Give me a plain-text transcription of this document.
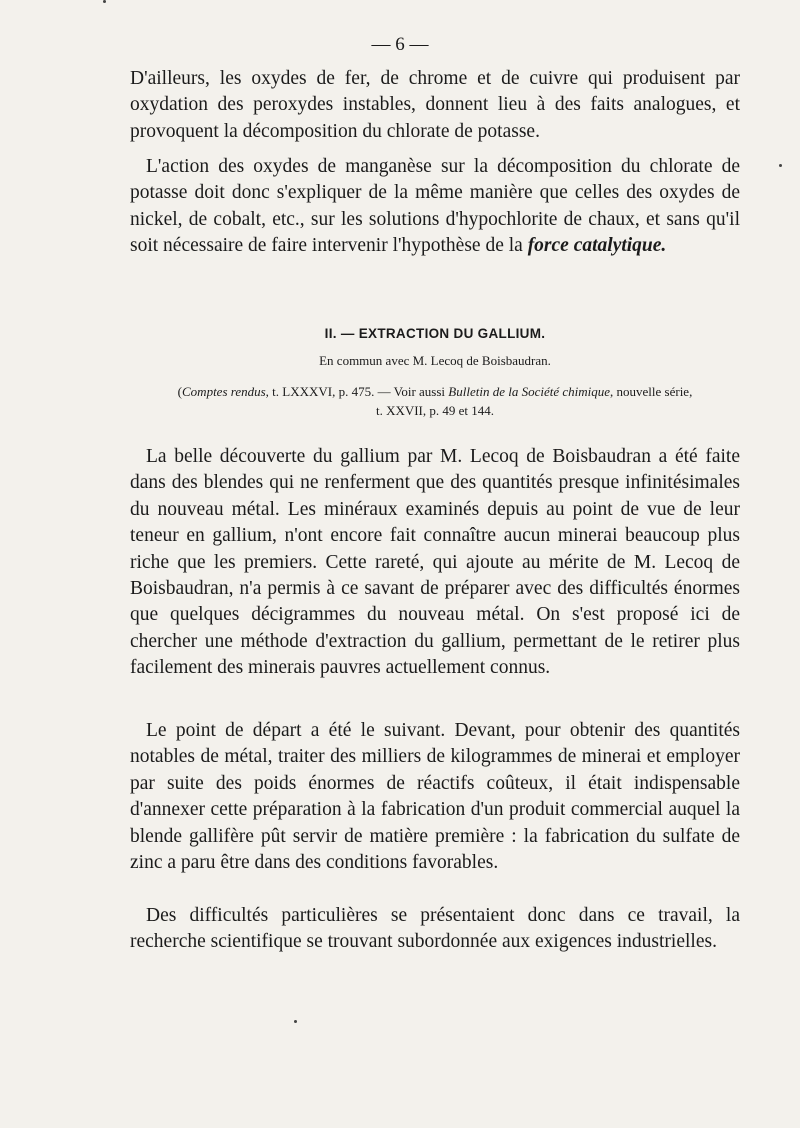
— 6 —

D'ailleurs, les oxydes de fer, de chrome et de cuivre qui produisent par oxydation des peroxydes instables, donnent lieu à des faits analogues, et provoquent la décomposition du chlorate de potasse.

L'action des oxydes de manganèse sur la décomposition du chlorate de potasse doit donc s'expliquer de la même manière que celles des oxydes de nickel, de cobalt, etc., sur les solutions d'hypochlorite de chaux, et sans qu'il soit nécessaire de faire intervenir l'hypothèse de la force catalytique.

II. — EXTRACTION DU GALLIUM.
En commun avec M. Lecoq de Boisbaudran.
(Comptes rendus, t. LXXXVI, p. 475. — Voir aussi Bulletin de la Société chimique, nouvelle série,
t. XXVII, p. 49 et 144.

La belle découverte du gallium par M. Lecoq de Boisbaudran a été faite dans des blendes qui ne renferment que des quantités presque infinitésimales du nouveau métal. Les minéraux examinés depuis au point de vue de leur teneur en gallium, n'ont encore fait connaître aucun minerai beaucoup plus riche que les premiers. Cette rareté, qui ajoute au mérite de M. Lecoq de Boisbaudran, n'a permis à ce savant de préparer avec des difficultés énormes que quelques décigrammes du nouveau métal. On s'est proposé ici de chercher une méthode d'extraction du gallium, permettant de le retirer plus facilement des minerais pauvres actuellement connus.

Le point de départ a été le suivant. Devant, pour obtenir des quantités notables de métal, traiter des milliers de kilogrammes de minerai et employer par suite des poids énormes de réactifs coûteux, il était indispensable d'annexer cette préparation à la fabrication d'un produit commercial auquel la blende gallifère pût servir de matière première : la fabrication du sulfate de zinc a paru être dans des conditions favorables.

Des difficultés particulières se présentaient donc dans ce travail, la recherche scientifique se trouvant subordonnée aux exigences industrielles.
